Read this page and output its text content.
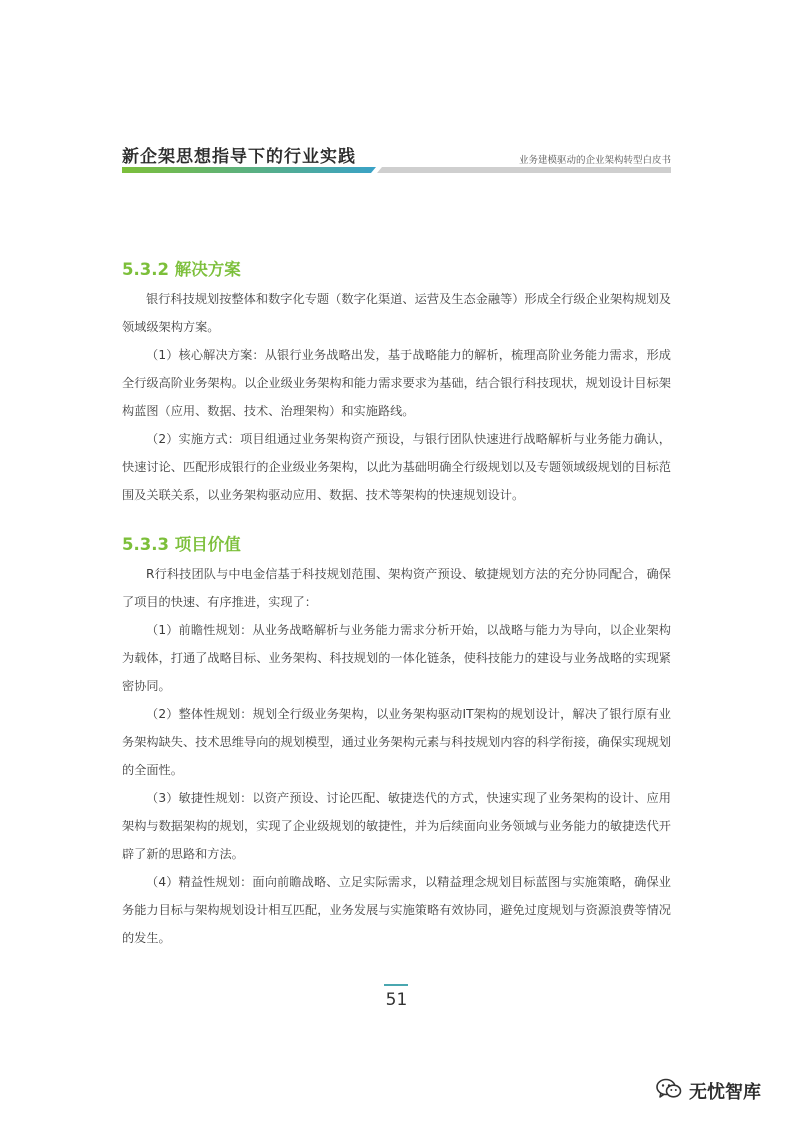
新企架思想指导下的行业实践	业务建模驱动的企业架构转型白皮书
5.3.2 解决方案

银行科技规划按整体和数字化专题（数字化渠道、运营及生态金融等）形成全行级企业架构规划及领域级架构方案。

（1）核心解决方案：从银行业务战略出发，基于战略能力的解析，梳理高阶业务能力需求，形成全行级高阶业务架构。以企业级业务架构和能力需求要求为基础，结合银行科技现状，规划设计目标架构蓝图（应用、数据、技术、治理架构）和实施路线。

（2）实施方式：项目组通过业务架构资产预设，与银行团队快速进行战略解析与业务能力确认，快速讨论、匹配形成银行的企业级业务架构，以此为基础明确全行级规划以及专题领域级规划的目标范围及关联关系，以业务架构驱动应用、数据、技术等架构的快速规划设计。

5.3.3 项目价值

R行科技团队与中电金信基于科技规划范围、架构资产预设、敏捷规划方法的充分协同配合，确保了项目的快速、有序推进，实现了：

（1）前瞻性规划：从业务战略解析与业务能力需求分析开始，以战略与能力为导向，以企业架构为载体，打通了战略目标、业务架构、科技规划的一体化链条，使科技能力的建设与业务战略的实现紧密协同。

（2）整体性规划：规划全行级业务架构，以业务架构驱动IT架构的规划设计，解决了银行原有业务架构缺失、技术思维导向的规划模型，通过业务架构元素与科技规划内容的科学衔接，确保实现规划的全面性。

（3）敏捷性规划：以资产预设、讨论匹配、敏捷迭代的方式，快速实现了业务架构的设计、应用架构与数据架构的规划，实现了企业级规划的敏捷性，并为后续面向业务领域与业务能力的敏捷迭代开辟了新的思路和方法。

（4）精益性规划：面向前瞻战略、立足实际需求，以精益理念规划目标蓝图与实施策略，确保业务能力目标与架构规划设计相互匹配，业务发展与实施策略有效协同，避免过度规划与资源浪费等情况的发生。

51
无忧智库
